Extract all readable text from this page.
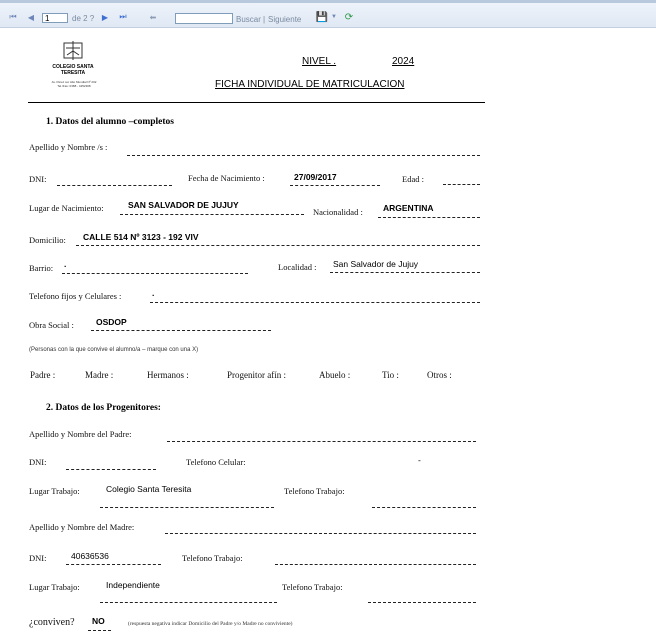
⏮ ◀	1	de 2 ? ▶ ⏭	⬅	Buscar | Siguiente 💾 ▼ ⟳
COLEGIO SANTA
TERESITA
Av. Pérez sur Alto Mundial Nº 202
Tel./Fax: 0388 - 4252308
NIVEL .	2024
FICHA INDIVIDUAL DE MATRICULACION
1. Datos del alumno –completos
Apellido y Nombre /s :
DNI:	Fecha de Nacimiento :	27/09/2017	Edad :
Lugar de Nacimiento:	SAN SALVADOR DE JUJUY
Nacionalidad : ARGENTINA
Domicilio: CALLE 514 Nº 3123 - 192 VIV
Barrio: .	Localidad : San Salvador de Jujuy
Telefono fijos y Celulares :	.
Obra Social :	OSDOP
(Personas con la que convive el alumno/a – marque con una X)
Padre :	Madre :	Hermanos :	Progenitor afín :	Abuelo :	Tio :	Otros :
2. Datos de los Progenitores:
Apellido y Nombre del Padre:
DNI:	Telefono Celular:	-
Lugar Trabajo:	Colegio Santa Teresita	Telefono Trabajo:
Apellido y Nombre del Madre:
DNI:	40636536	Telefono Trabajo:
Lugar Trabajo:	Independiente	Telefono Trabajo:
¿conviven? NO	(respuesta negativa indicar Domicilio del Padre y/o Madre no conviviente)
